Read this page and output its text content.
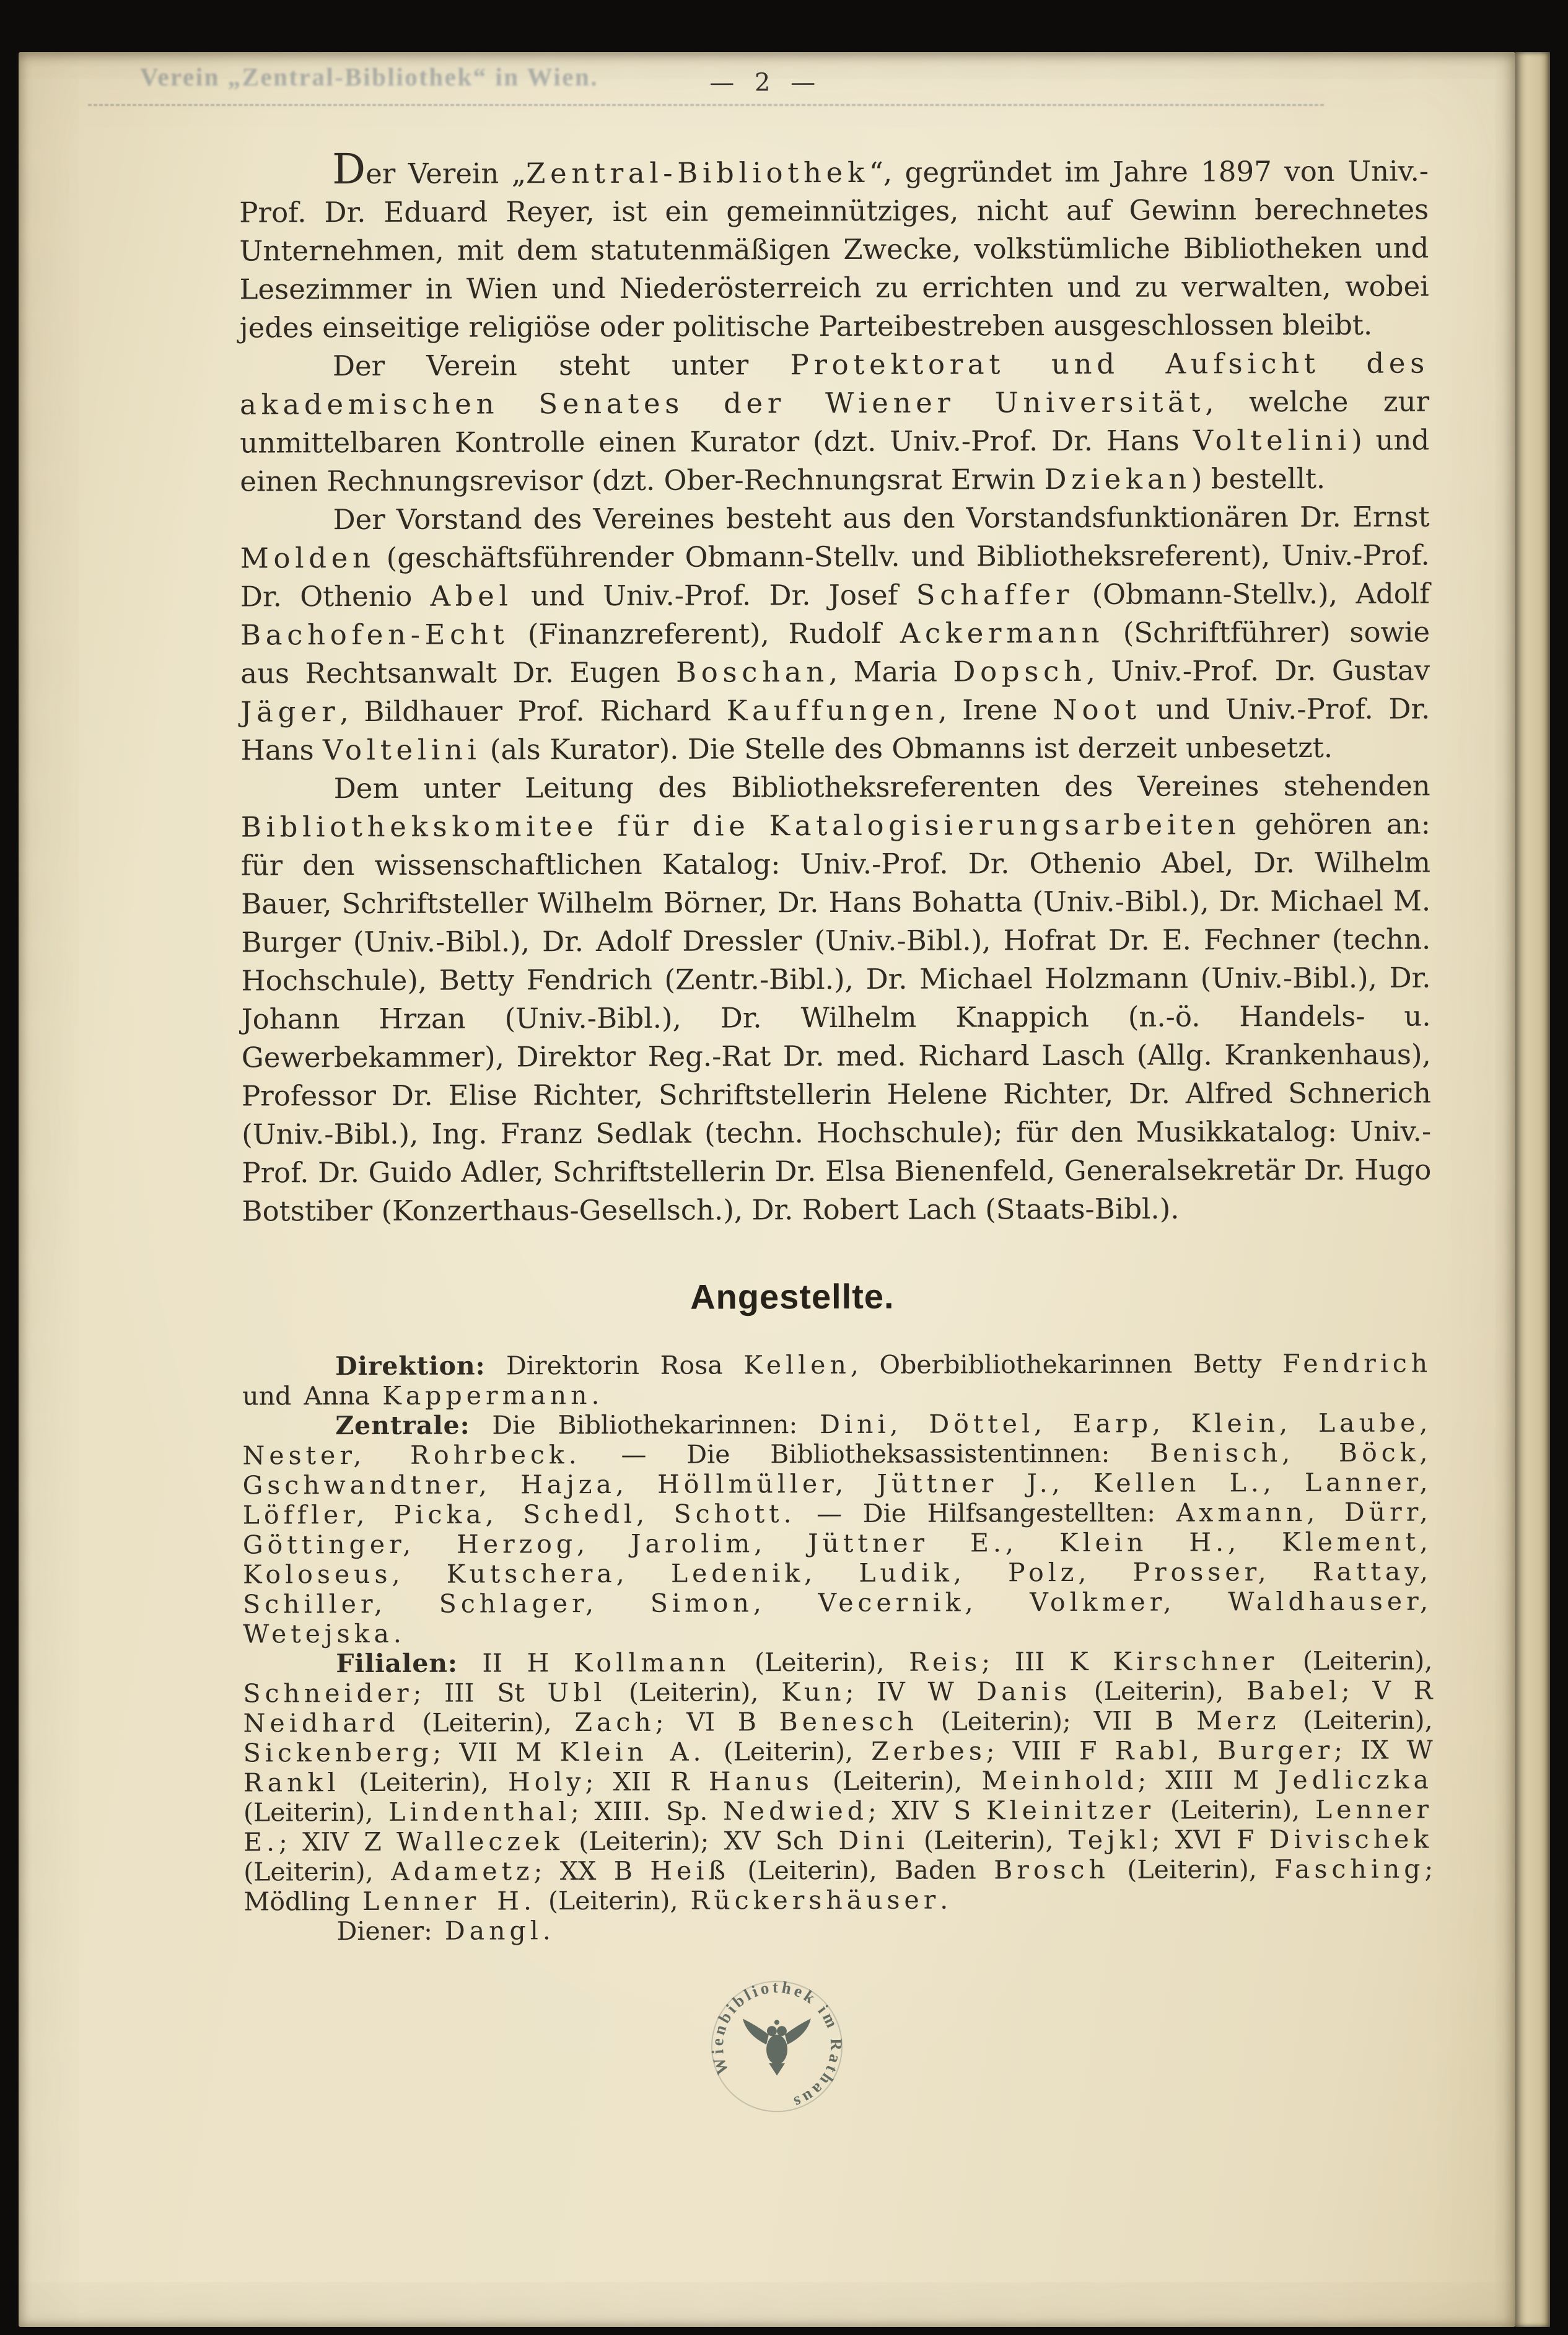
Verein „Zentral-Bibliothek“ in Wien.	— 2 —

Der Verein „Zentral-Bibliothek“, gegründet im Jahre 1897 von Univ.-Prof. Dr. Eduard Reyer, ist ein gemeinnütziges, nicht auf Gewinn berechnetes Unternehmen, mit dem statutenmäßigen Zwecke, volkstümliche Bibliotheken und Lesezimmer in Wien und Niederösterreich zu errichten und zu verwalten, wobei jedes einseitige religiöse oder politische Parteibestreben ausgeschlossen bleibt.

Der Verein steht unter Protektorat und Aufsicht des akademischen Senates der Wiener Universität, welche zur unmittelbaren Kontrolle einen Kurator (dzt. Univ.-Prof. Dr. Hans Voltelini) und einen Rechnungsrevisor (dzt. Ober-Rechnungsrat Erwin Dziekan) bestellt.

Der Vorstand des Vereines besteht aus den Vorstandsfunktionären Dr. Ernst Molden (geschäftsführender Obmann-Stellv. und Bibliotheksreferent), Univ.-Prof. Dr. Othenio Abel und Univ.-Prof. Dr. Josef Schaffer (Obmann-Stellv.), Adolf Bachofen-Echt (Finanzreferent), Rudolf Ackermann (Schriftführer) sowie aus Rechtsanwalt Dr. Eugen Boschan, Maria Dopsch, Univ.-Prof. Dr. Gustav Jäger, Bildhauer Prof. Richard Kauffungen, Irene Noot und Univ.-Prof. Dr. Hans Voltelini (als Kurator). Die Stelle des Obmanns ist derzeit unbesetzt.

Dem unter Leitung des Bibliotheksreferenten des Vereines stehenden Bibliothekskomitee für die Katalogisierungsarbeiten gehören an: für den wissenschaftlichen Katalog: Univ.-Prof. Dr. Othenio Abel, Dr. Wilhelm Bauer, Schriftsteller Wilhelm Börner, Dr. Hans Bohatta (Univ.-Bibl.), Dr. Michael M. Burger (Univ.-Bibl.), Dr. Adolf Dressler (Univ.-Bibl.), Hofrat Dr. E. Fechner (techn. Hochschule), Betty Fendrich (Zentr.-Bibl.), Dr. Michael Holzmann (Univ.-Bibl.), Dr. Johann Hrzan (Univ.-Bibl.), Dr. Wilhelm Knappich (n.-ö. Handels- u. Gewerbekammer), Direktor Reg.-Rat Dr. med. Richard Lasch (Allg. Krankenhaus), Professor Dr. Elise Richter, Schriftstellerin Helene Richter, Dr. Alfred Schnerich (Univ.-Bibl.), Ing. Franz Sedlak (techn. Hochschule); für den Musikkatalog: Univ.-Prof. Dr. Guido Adler, Schriftstellerin Dr. Elsa Bienenfeld, Generalsekretär Dr. Hugo Botstiber (Konzerthaus-Gesellsch.), Dr. Robert Lach (Staats-Bibl.).

Angestellte.

Direktion: Direktorin Rosa Kellen, Oberbibliothekarinnen Betty Fendrich und Anna Kappermann.

Zentrale: Die Bibliothekarinnen: Dini, Döttel, Earp, Klein, Laube, Nester, Rohrbeck. — Die Bibliotheksassistentinnen: Benisch, Böck, Gschwandtner, Hajza, Höllmüller, Jüttner J., Kellen L., Lanner, Löffler, Picka, Schedl, Schott. — Die Hilfsangestellten: Axmann, Dürr, Göttinger, Herzog, Jarolim, Jüttner E., Klein H., Klement, Koloseus, Kutschera, Ledenik, Ludik, Polz, Prosser, Rattay, Schiller, Schlager, Simon, Vecernik, Volkmer, Waldhauser, Wetejska.

Filialen: II H Kollmann (Leiterin), Reis; III K Kirschner (Leiterin), Schneider; III St Ubl (Leiterin), Kun; IV W Danis (Leiterin), Babel; V R Neidhard (Leiterin), Zach; VI B Benesch (Leiterin); VII B Merz (Leiterin), Sickenberg; VII M Klein A. (Leiterin), Zerbes; VIII F Rabl, Burger; IX W Rankl (Leiterin), Holy; XII R Hanus (Leiterin), Meinhold; XIII M Jedliczka (Leiterin), Lindenthal; XIII. Sp. Nedwied; XIV S Kleinitzer (Leiterin), Lenner E.; XIV Z Walleczek (Leiterin); XV Sch Dini (Leiterin), Tejkl; XVI F Divischek (Leiterin), Adametz; XX B Heiß (Leiterin), Baden Brosch (Leiterin), Fasching; Mödling Lenner H. (Leiterin), Rückershäuser.

Diener: Dangl.

Wienbibliothek im Rathaus
